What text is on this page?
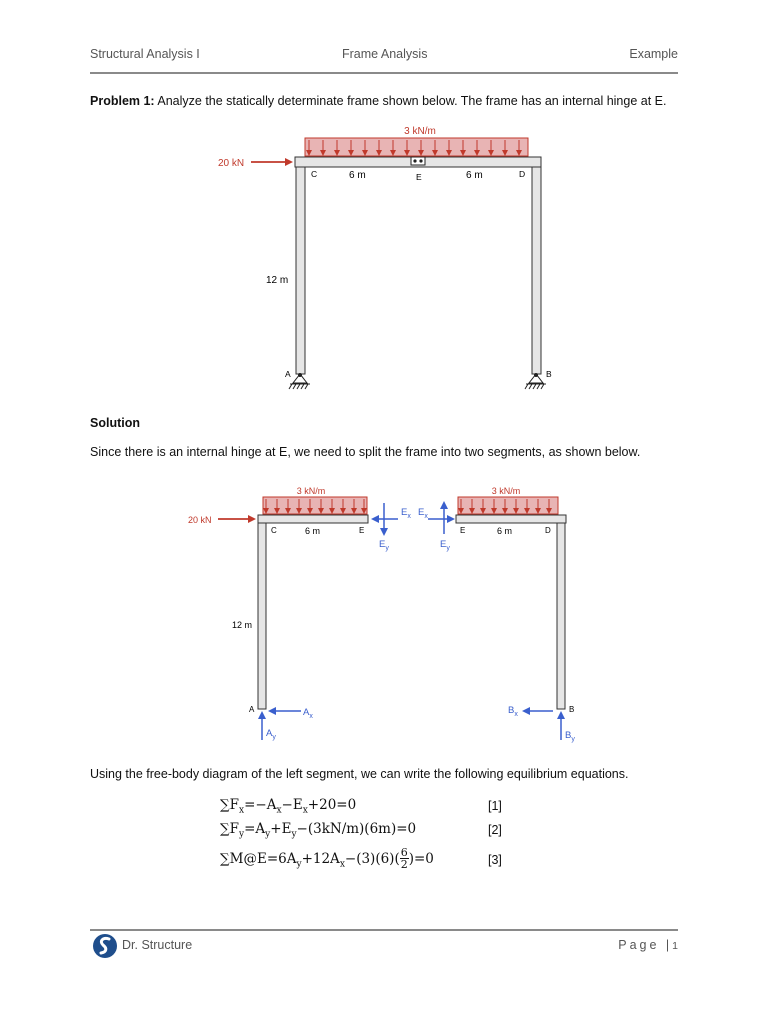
Structural Analysis I	Frame Analysis	Example
Problem 1: Analyze the statically determinate frame shown below. The frame has an internal hinge at E.
3 kN/m
20 kN
C	6 m	E	6 m	D
12 m
A	B
3 kN/m
20 kN
C	6 m	E
12 m
A
$E_x$
$E_y$
$E_x$
$E_y$
3 kN/m
E	6 m	D
B
$A_x$
$A_y$
$B_x$
$B_y$
Solution
Since there is an internal hinge at E, we need to split the frame into two segments, as shown below.
Using the free-body diagram of the left segment, we can write the following equilibrium equations.
$\sum F_x=-A_x-E_x+20=0$	[1]
$\sum F_y=A_y+E_y-(3kN/m)(6m)=0$	[2]
$\sum M@E=6A_y+12A_x-(3)(6)( \frac{6}{2} )=0$	[3]
Dr. Structure	Page |1
